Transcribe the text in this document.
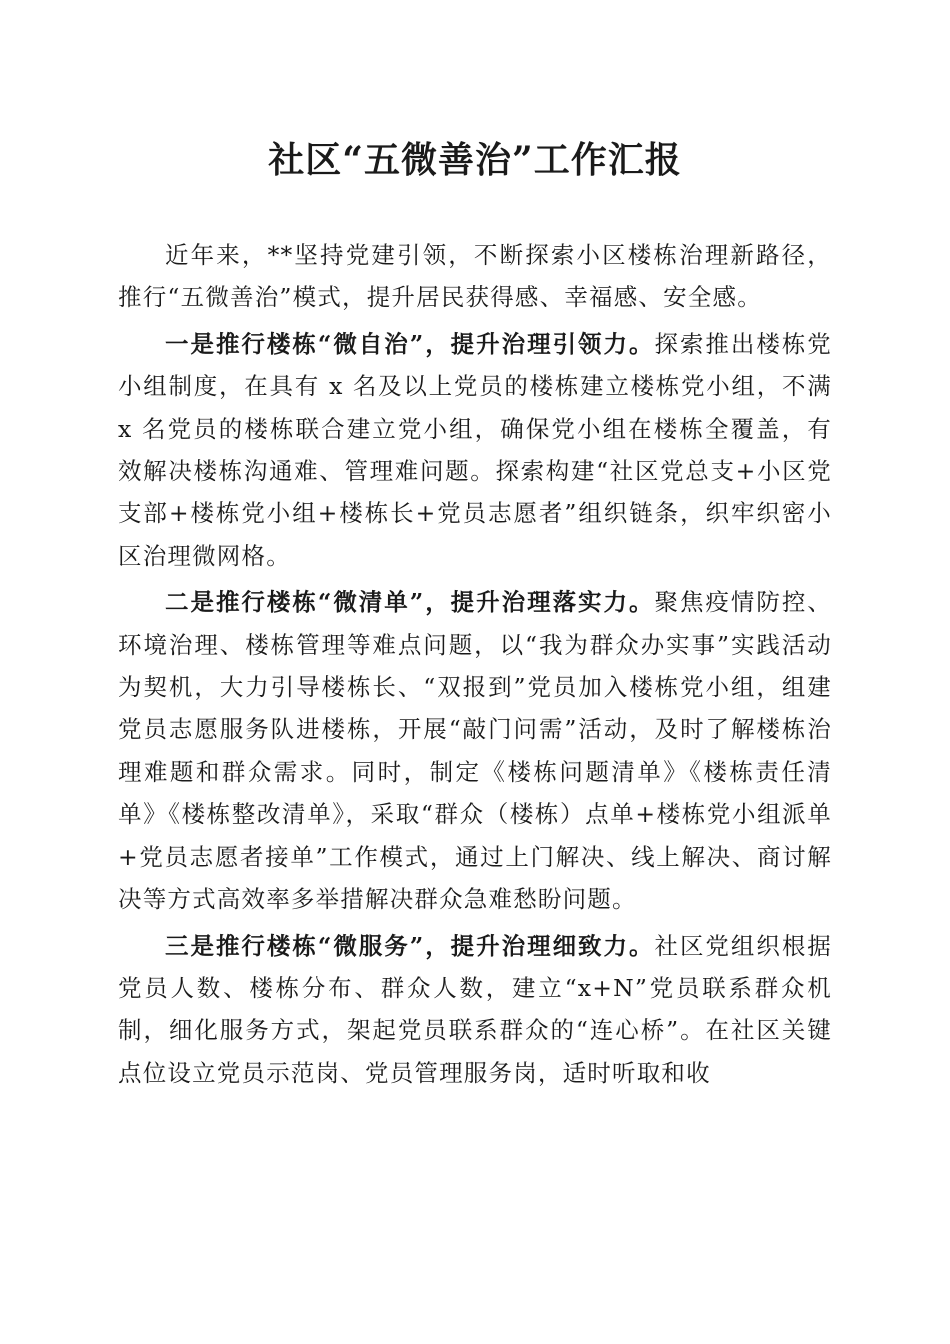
社区“五微善治”工作汇报

近年来，**坚持党建引领，不断探索小区楼栋治理新路径，推行“五微善治”模式，提升居民获得感、幸福感、安全感。

一是推行楼栋“微自治”，提升治理引领力。探索推出楼栋党小组制度，在具有 x 名及以上党员的楼栋建立楼栋党小组，不满 x 名党员的楼栋联合建立党小组，确保党小组在楼栋全覆盖，有效解决楼栋沟通难、管理难问题。探索构建“社区党总支+小区党支部+楼栋党小组+楼栋长+党员志愿者”组织链条，织牢织密小区治理微网格。

二是推行楼栋“微清单”，提升治理落实力。聚焦疫情防控、环境治理、楼栋管理等难点问题，以“我为群众办实事”实践活动为契机，大力引导楼栋长、“双报到”党员加入楼栋党小组，组建党员志愿服务队进楼栋，开展“敲门问需”活动，及时了解楼栋治理难题和群众需求。同时，制定《楼栋问题清单》《楼栋责任清单》《楼栋整改清单》，采取“群众（楼栋）点单+楼栋党小组派单+党员志愿者接单”工作模式，通过上门解决、线上解决、商讨解决等方式高效率多举措解决群众急难愁盼问题。

三是推行楼栋“微服务”，提升治理细致力。社区党组织根据党员人数、楼栋分布、群众人数，建立“x+N”党员联系群众机制，细化服务方式，架起党员联系群众的“连心桥”。在社区关键点位设立党员示范岗、党员管理服务岗，适时听取和收
